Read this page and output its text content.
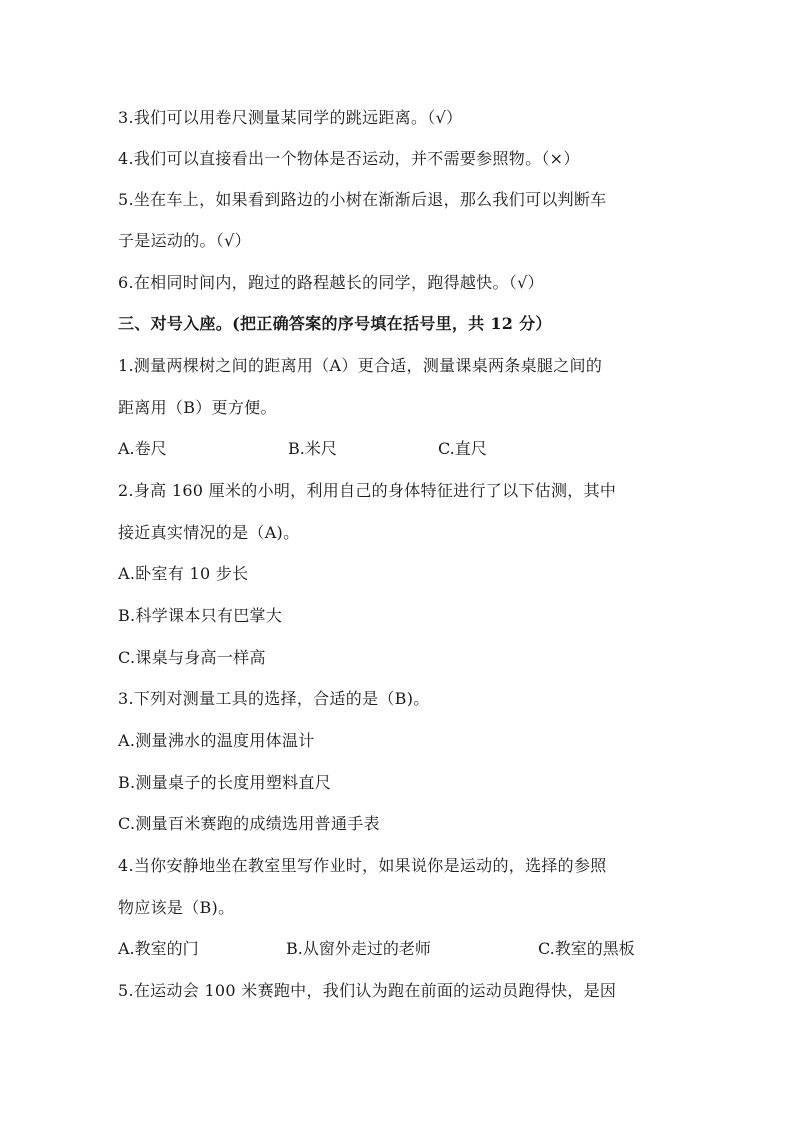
3.我们可以用卷尺测量某同学的跳远距离。（√）
4.我们可以直接看出一个物体是否运动，并不需要参照物。（×）
5.坐在车上，如果看到路边的小树在渐渐后退，那么我们可以判断车
子是运动的。（√）
6.在相同时间内，跑过的路程越长的同学，跑得越快。（√）
三、对号入座。(把正确答案的序号填在括号里，共 12 分）
1.测量两棵树之间的距离用（A）更合适，测量课桌两条桌腿之间的
距离用（B）更方便。
A.卷尺	B.米尺	C.直尺
2.身高 160 厘米的小明，利用自己的身体特征进行了以下估测，其中
接近真实情况的是（A)。
A.卧室有 10 步长
B.科学课本只有巴掌大
C.课桌与身高一样高
3.下列对测量工具的选择，合适的是（B)。
A.测量沸水的温度用体温计
B.测量桌子的长度用塑料直尺
C.测量百米赛跑的成绩选用普通手表
4.当你安静地坐在教室里写作业时，如果说你是运动的，选择的参照
物应该是（B)。
A.教室的门	B.从窗外走过的老师	C.教室的黑板
5.在运动会 100 米赛跑中，我们认为跑在前面的运动员跑得快，是因
